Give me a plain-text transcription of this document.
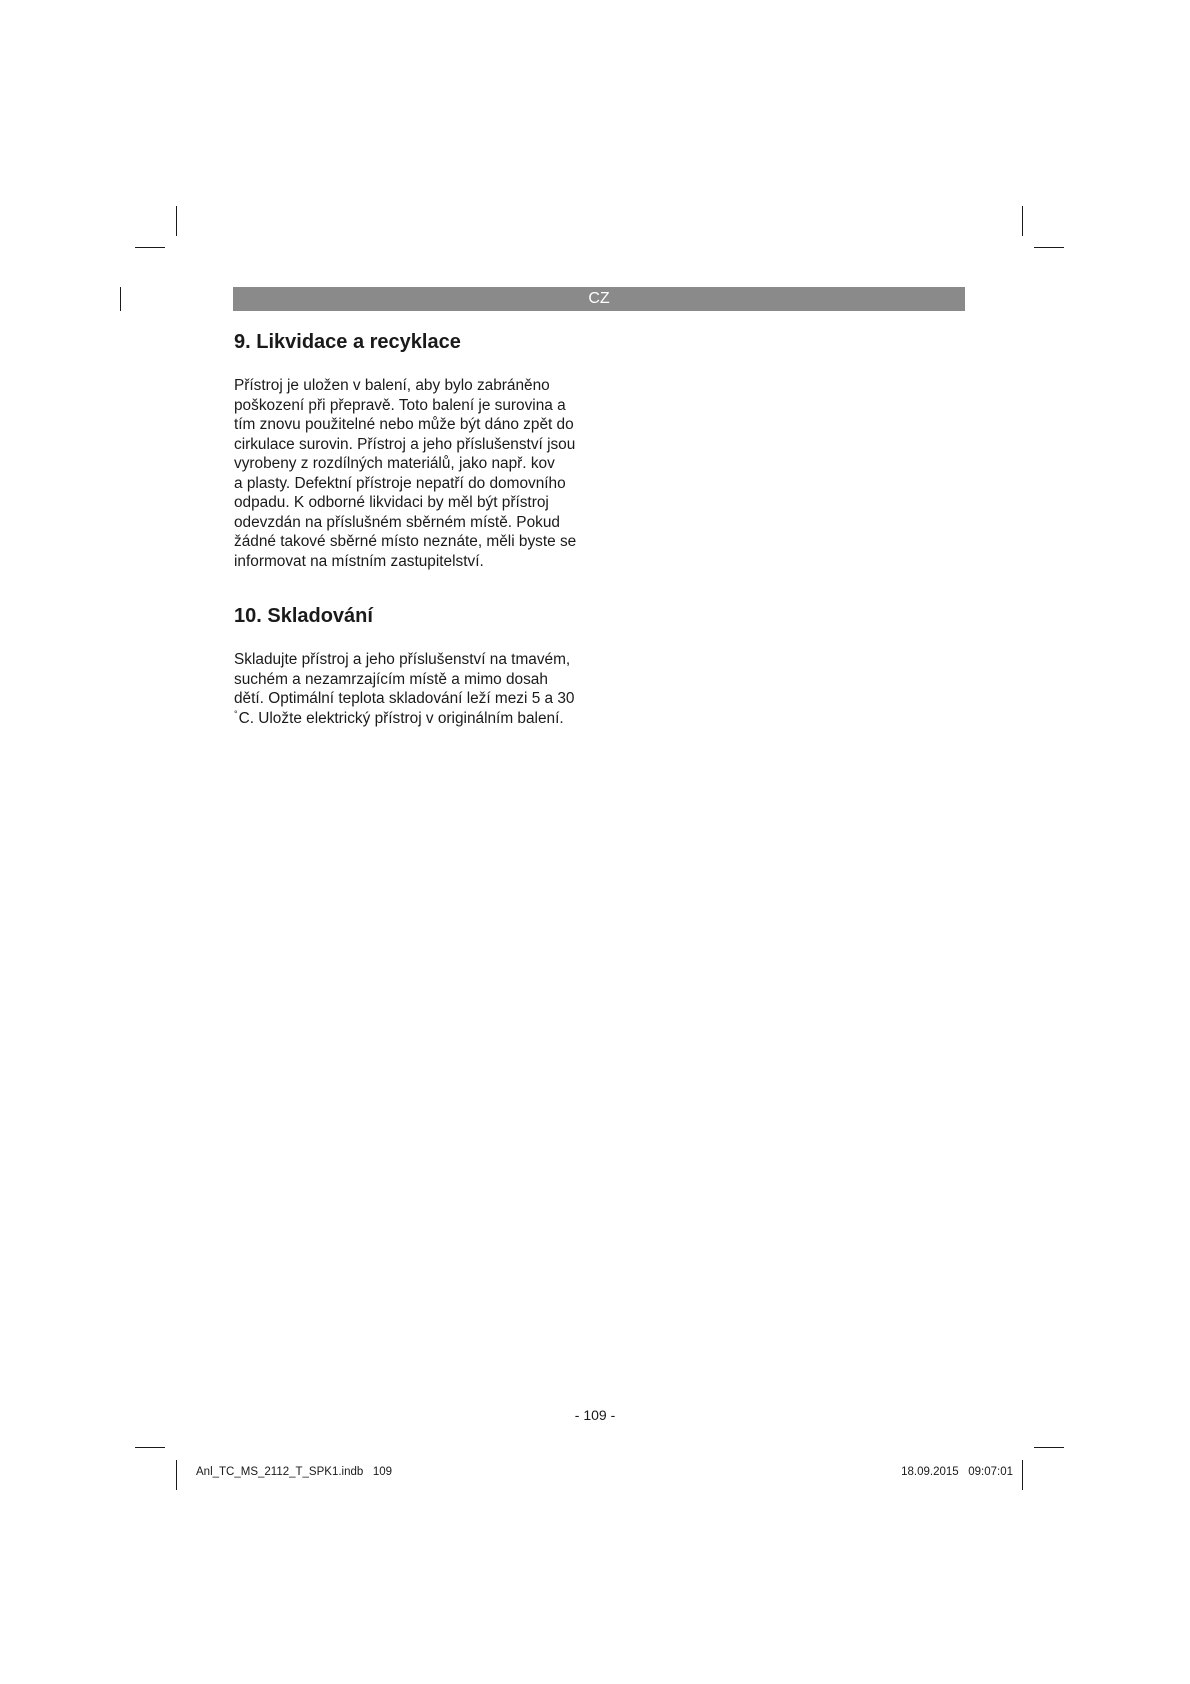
CZ
9. Likvidace a recyklace

Přístroj je uložen v balení, aby bylo zabráněno
poškození při přepravě. Toto balení je surovina a
tím znovu použitelné nebo může být dáno zpět do
cirkulace surovin. Přístroj a jeho příslušenství jsou
vyrobeny z rozdílných materiálů, jako např. kov
a plasty. Defektní přístroje nepatří do domovního
odpadu. K odborné likvidaci by měl být přístroj
odevzdán na příslušném sběrném místě. Pokud
žádné takové sběrné místo neznáte, měli byste se
informovat na místním zastupitelství.

10. Skladování

Skladujte přístroj a jeho příslušenství na tmavém,
suchém a nezamrzajícím místě a mimo dosah
dětí. Optimální teplota skladování leží mezi 5 a 30
°C. Uložte elektrický přístroj v originálním balení.

- 109 -
Anl_TC_MS_2112_T_SPK1.indb   109	18.09.2015   09:07:01
